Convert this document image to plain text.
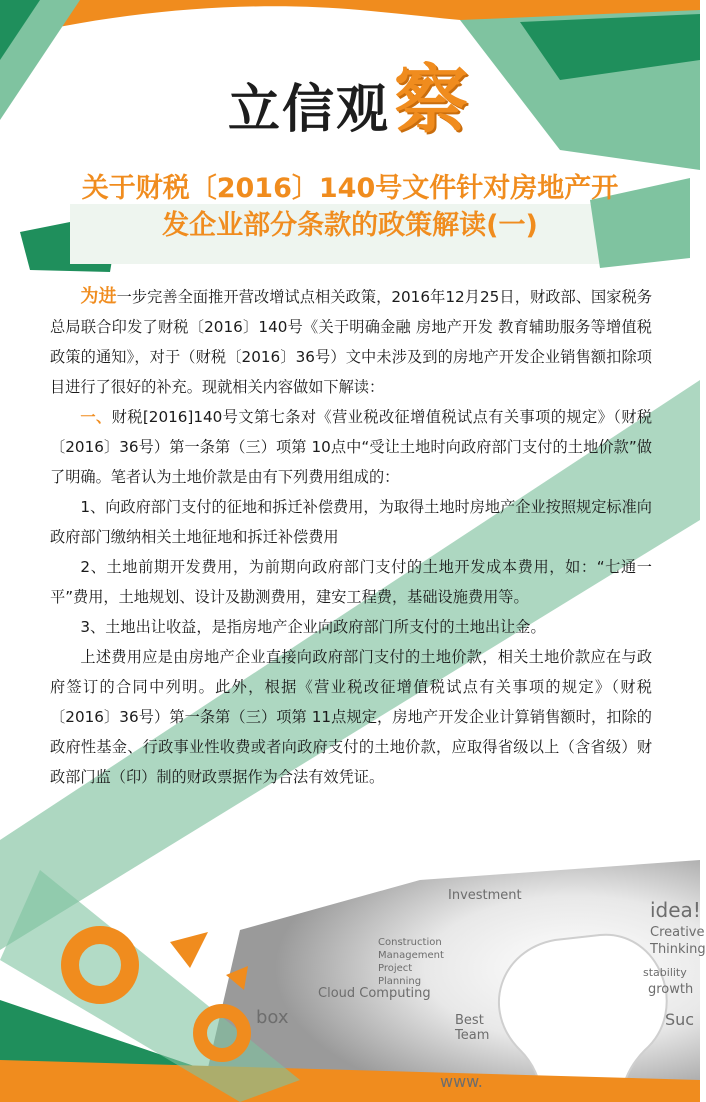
Investment
idea!
Creative
Thinking
Construction
Management
Project
Planning
Cloud Computing
Best
Team
stability
growth
Suc
www.
box
立信观 察
关于财税〔2016〕140号文件针对房地产开
发企业部分条款的政策解读(一)

为进一步完善全面推开营改增试点相关政策，2016年12月25日，财政部、国家税务总局联合印发了财税〔2016〕140号《关于明确金融 房地产开发 教育辅助服务等增值税政策的通知》，对于（财税〔2016〕36号）文中未涉及到的房地产开发企业销售额扣除项目进行了很好的补充。现就相关内容做如下解读：

一、财税[2016]140号文第七条对《营业税改征增值税试点有关事项的规定》（财税〔2016〕36号）第一条第（三）项第 10点中“受让土地时向政府部门支付的土地价款”做了明确。笔者认为土地价款是由有下列费用组成的：

1、向政府部门支付的征地和拆迁补偿费用，为取得土地时房地产企业按照规定标准向政府部门缴纳相关土地征地和拆迁补偿费用

2、土地前期开发费用，为前期向政府部门支付的土地开发成本费用，如：“七通一平”费用，土地规划、设计及勘测费用，建安工程费，基础设施费用等。

3、土地出让收益，是指房地产企业向政府部门所支付的土地出让金。

上述费用应是由房地产企业直接向政府部门支付的土地价款，相关土地价款应在与政府签订的合同中列明。此外，根据《营业税改征增值税试点有关事项的规定》（财税〔2016〕36号）第一条第（三）项第 11点规定，房地产开发企业计算销售额时，扣除的政府性基金、行政事业性收费或者向政府支付的土地价款，应取得省级以上（含省级）财政部门监（印）制的财政票据作为合法有效凭证。
